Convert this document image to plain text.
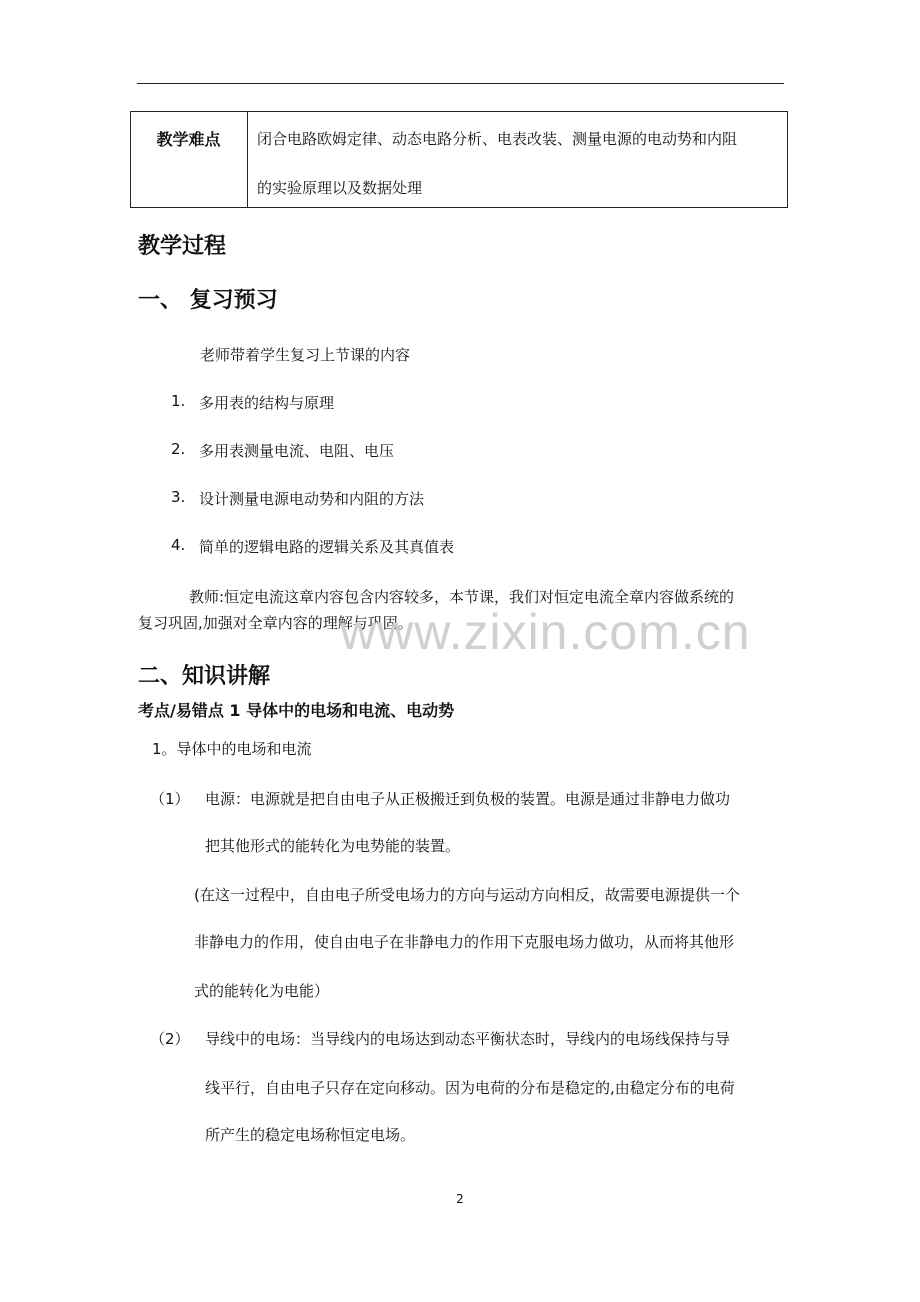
教学难点	闭合电路欧姆定律、动态电路分析、电表改装、测量电源的电动势和内阻
的实验原理以及数据处理
教学过程
一、 复习预习
老师带着学生复习上节课的内容
1. 多用表的结构与原理
2. 多用表测量电流、电阻、电压
3. 设计测量电源电动势和内阻的方法
4. 简单的逻辑电路的逻辑关系及其真值表
教师:恒定电流这章内容包含内容较多，本节课，我们对恒定电流全章内容做系统的
复习巩固,加强对全章内容的理解与巩固。
www.zixin.com.cn
二、知识讲解
考点/易错点 1 导体中的电场和电流、电动势
1。导体中的电场和电流
（1） 电源：电源就是把自由电子从正极搬迁到负极的装置。电源是通过非静电力做功
把其他形式的能转化为电势能的装置。
(在这一过程中，自由电子所受电场力的方向与运动方向相反，故需要电源提供一个
非静电力的作用，使自由电子在非静电力的作用下克服电场力做功，从而将其他形
式的能转化为电能）
（2） 导线中的电场：当导线内的电场达到动态平衡状态时，导线内的电场线保持与导
线平行，自由电子只存在定向移动。因为电荷的分布是稳定的,由稳定分布的电荷
所产生的稳定电场称恒定电场。
2
